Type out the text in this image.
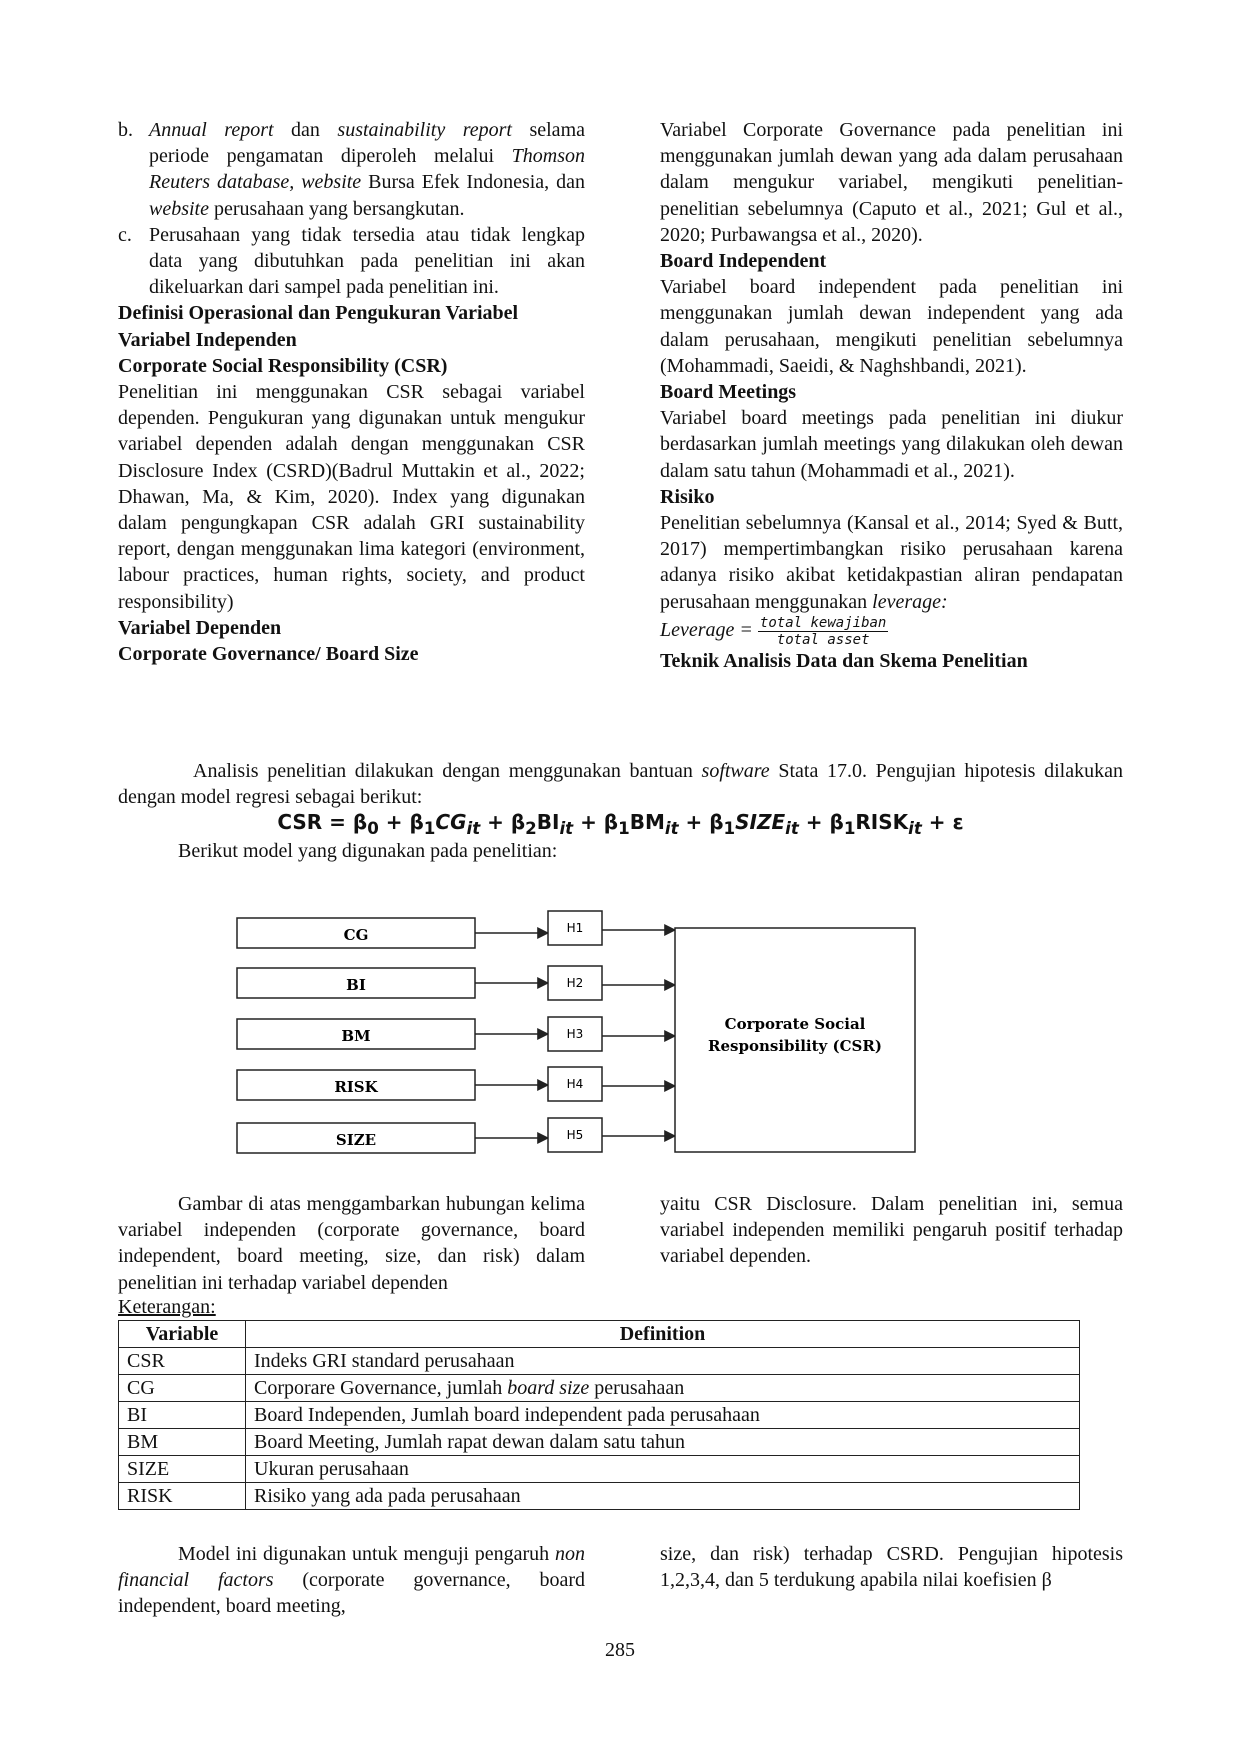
b. Annual report dan sustainability report selama periode pengamatan diperoleh melalui Thomson Reuters database, website Bursa Efek Indonesia, dan website perusahaan yang bersangkutan.
c. Perusahaan yang tidak tersedia atau tidak lengkap data yang dibutuhkan pada penelitian ini akan dikeluarkan dari sampel pada penelitian ini.

Definisi Operasional dan Pengukuran Variabel

Variabel Independen

Corporate Social Responsibility (CSR)

Penelitian ini menggunakan CSR sebagai variabel dependen. Pengukuran yang digunakan untuk mengukur variabel dependen adalah dengan menggunakan CSR Disclosure Index (CSRD)(Badrul Muttakin et al., 2022; Dhawan, Ma, & Kim, 2020). Index yang digunakan dalam pengungkapan CSR adalah GRI sustainability report, dengan menggunakan lima kategori (environment, labour practices, human rights, society, and product responsibility)

Variabel Dependen

Corporate Governance/ Board Size

Variabel Corporate Governance pada penelitian ini menggunakan jumlah dewan yang ada dalam perusahaan dalam mengukur variabel, mengikuti penelitian-penelitian sebelumnya (Caputo et al., 2021; Gul et al., 2020; Purbawangsa et al., 2020).

Board Independent

Variabel board independent pada penelitian ini menggunakan jumlah dewan independent yang ada dalam perusahaan, mengikuti penelitian sebelumnya (Mohammadi, Saeidi, & Naghshbandi, 2021).

Board Meetings

Variabel board meetings pada penelitian ini diukur berdasarkan jumlah meetings yang dilakukan oleh dewan dalam satu tahun (Mohammadi et al., 2021).

Risiko

Penelitian sebelumnya (Kansal et al., 2014; Syed & Butt, 2017) mempertimbangkan risiko perusahaan karena adanya risiko akibat ketidakpastian aliran pendapatan perusahaan menggunakan leverage:

Leverage = $\frac{\text{total kewajiban}}{\text{total asset}}$

Teknik Analisis Data dan Skema Penelitian

Analisis penelitian dilakukan dengan menggunakan bantuan software Stata 17.0. Pengujian hipotesis dilakukan dengan model regresi sebagai berikut:

CSR = $\beta_0 + \beta_1CG_{it} + \beta_2BI_{it} + \beta_1BM_{it}$ + $\beta_1SIZE_{it}$ + $\beta_1RISK_{it} + \varepsilon$

Berikut model yang digunakan pada penelitian:

CG
BI
BM
RISK
SIZE
H1
H2
H3
H4
H5
Corporate Social
Responsibility (CSR)

Gambar di atas menggambarkan hubungan kelima variabel independen (corporate governance, board independent, board meeting, size, dan risk) dalam penelitian ini terhadap variabel dependen

Keterangan:

yaitu CSR Disclosure. Dalam penelitian ini, semua variabel independen memiliki pengaruh positif terhadap variabel dependen.

Variable	Definition
CSR	Indeks GRI standard perusahaan
CG	Corporare Governance, jumlah board size perusahaan
BI	Board Independen, Jumlah board independent pada perusahaan
BM	Board Meeting, Jumlah rapat dewan dalam satu tahun
SIZE	Ukuran perusahaan
RISK	Risiko yang ada pada perusahaan

Model ini digunakan untuk menguji pengaruh non financial factors (corporate governance, board independent, board meeting,

size, dan risk) terhadap CSRD. Pengujian hipotesis 1,2,3,4, dan 5 terdukung apabila nilai koefisien β

285
